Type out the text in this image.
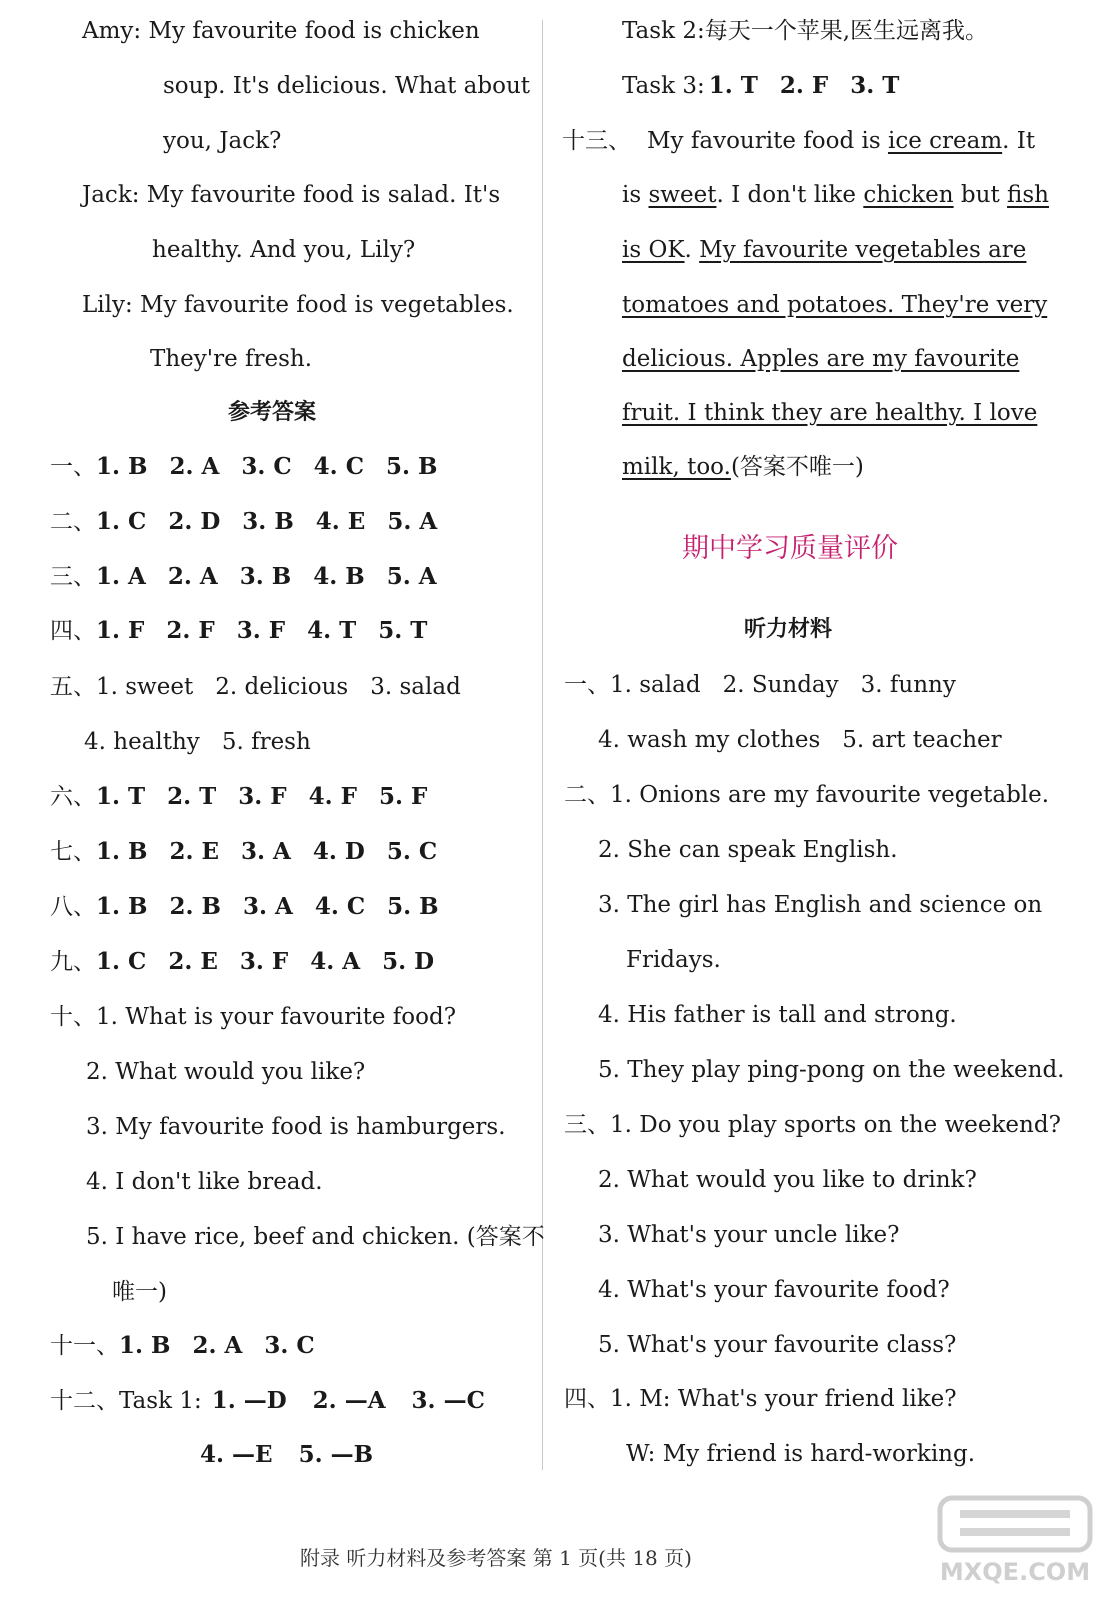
Amy: My favourite food is chicken
soup. It's delicious. What about
you, Jack?
Jack: My favourite food is salad. It's
healthy. And you, Lily?
Lily: My favourite food is vegetables.
They're fresh.
参考答案
一、1. B 2. A 3. C 4. C 5. B
二、1. C 2. D 3. B 4. E 5. A
三、1. A 2. A 3. B 4. B 5. A
四、1. F 2. F 3. F 4. T 5. T
五、1. sweet 2. delicious 3. salad
4. healthy 5. fresh
六、1. T 2. T 3. F 4. F 5. F
七、1. B 2. E 3. A 4. D 5. C
八、1. B 2. B 3. A 4. C 5. B
九、1. C 2. E 3. F 4. A 5. D
十、1. What is your favourite food?
2. What would you like?
3. My favourite food is hamburgers.
4. I don't like bread.
5. I have rice, beef and chicken. (答案不
唯一)
十一、1. B 2. A 3. C
十二、Task 1: 1. —D 2. —A 3. —C
4. —E 5. —B
Task 2:每天一个苹果,医生远离我。
Task 3: 1. T 2. F 3. T
十三、 My favourite food is ice cream. It
is sweet. I don't like chicken but fish
is OK. My favourite vegetables are
tomatoes and potatoes. They're very
delicious. Apples are my favourite
fruit. I think they are healthy. I love
milk, too.(答案不唯一)
期中学习质量评价
听力材料
一、1. salad 2. Sunday 3. funny
4. wash my clothes 5. art teacher
二、1. Onions are my favourite vegetable.
2. She can speak English.
3. The girl has English and science on
Fridays.
4. His father is tall and strong.
5. They play ping-pong on the weekend.
三、1. Do you play sports on the weekend?
2. What would you like to drink?
3. What's your uncle like?
4. What's your favourite food?
5. What's your favourite class?
四、1. M: What's your friend like?
W: My friend is hard-working.
附录 听力材料及参考答案 第 1 页(共 18 页)	MXQE.COM
